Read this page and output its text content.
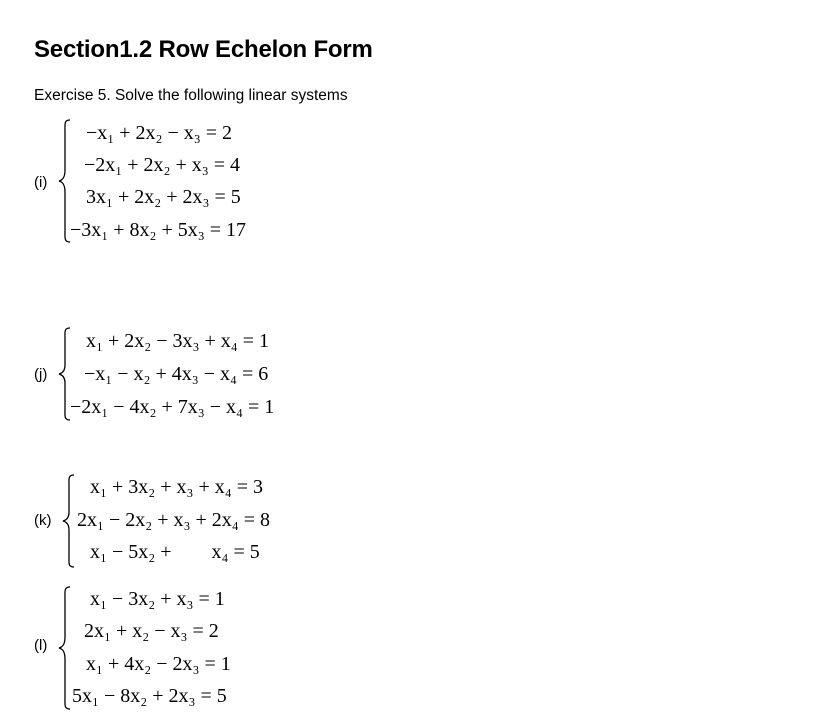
Section1.2 Row Echelon Form
Exercise 5. Solve the following linear systems
(i)
−x₁ + 2x₂ − x₃ = 2
−2x₁ + 2x₂ + x₃ = 4
3x₁ + 2x₂ + 2x₃ = 5
−3x₁ + 8x₂ + 5x₃ = 17
(j)
x₁ + 2x₂ − 3x₃ + x₄ = 1
−x₁ − x₂ + 4x₃ − x₄ = 6
−2x₁ − 4x₂ + 7x₃ − x₄ = 1
(k)
x₁ + 3x₂ + x₃ + x₄ = 3
2x₁ − 2x₂ + x₃ + 2x₄ = 8
x₁ − 5x₂ +        x₄ = 5
(l)
x₁ − 3x₂ + x₃ = 1
2x₁ + x₂ − x₃ = 2
x₁ + 4x₂ − 2x₃ = 1
5x₁ − 8x₂ + 2x₃ = 5
